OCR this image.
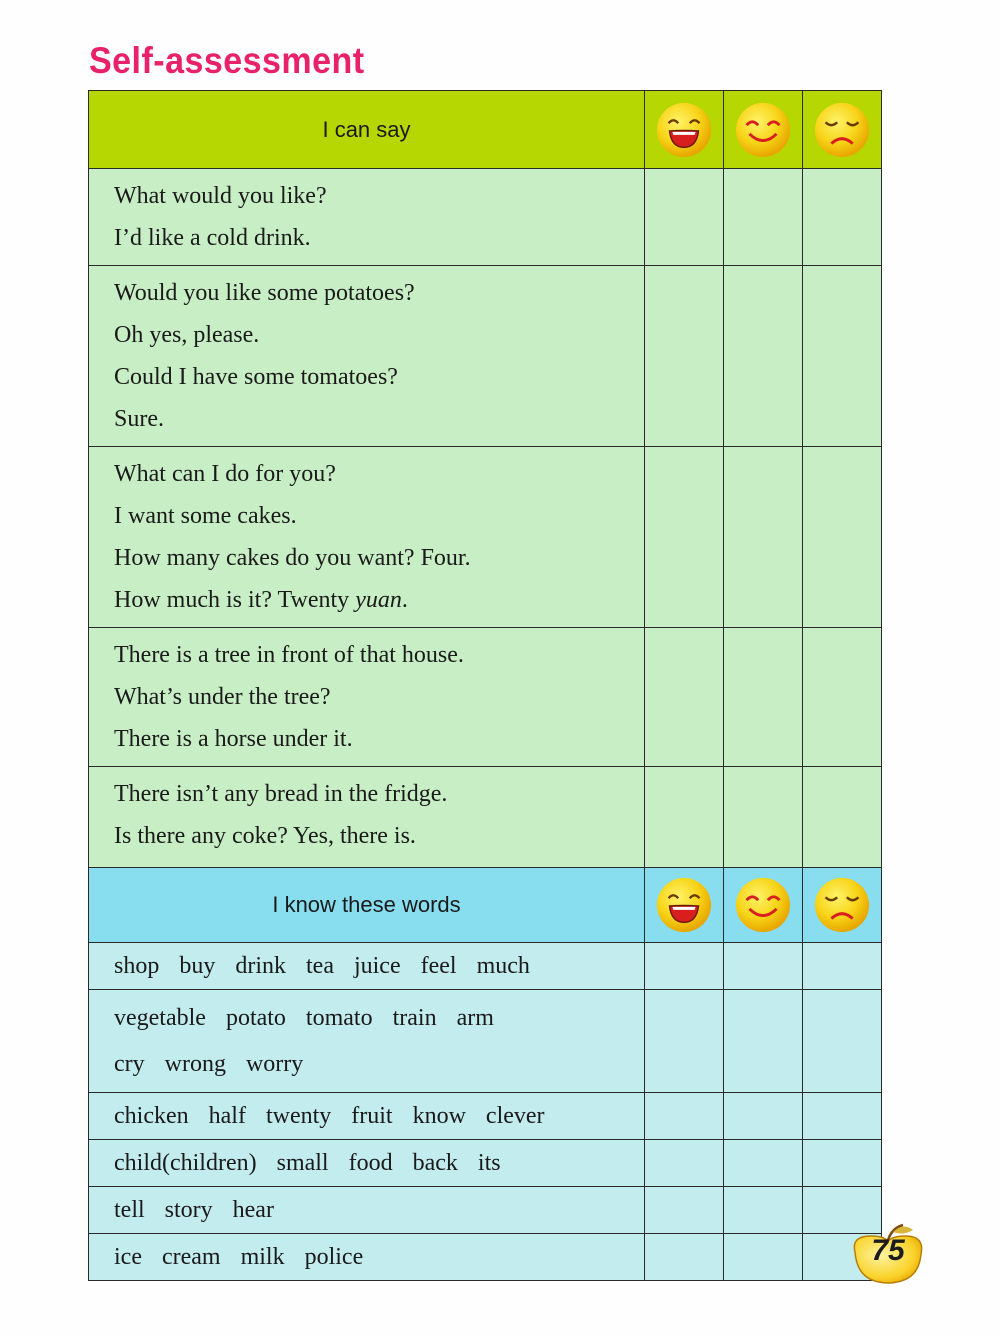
Self-assessment
I can say			

What would you like?
I’d like a cold drink.			

Would you like some potatoes?
Oh yes, please.
Could I have some tomatoes?
Sure.			

What can I do for you?
I want some cakes.
How many cakes do you want? Four.
How much is it? Twenty yuan.			

There is a tree in front of that house.
What’s under the tree?
There is a horse under it.			

There isn’t any bread in the fridge.
Is there any coke? Yes, there is.			

I know these words			

shop buy drink tea juice feel much			

vegetable potato tomato train arm
cry wrong worry			

chicken half twenty fruit know clever			

child(children) small food back its			

tell story hear			

ice cream milk police			
				75
